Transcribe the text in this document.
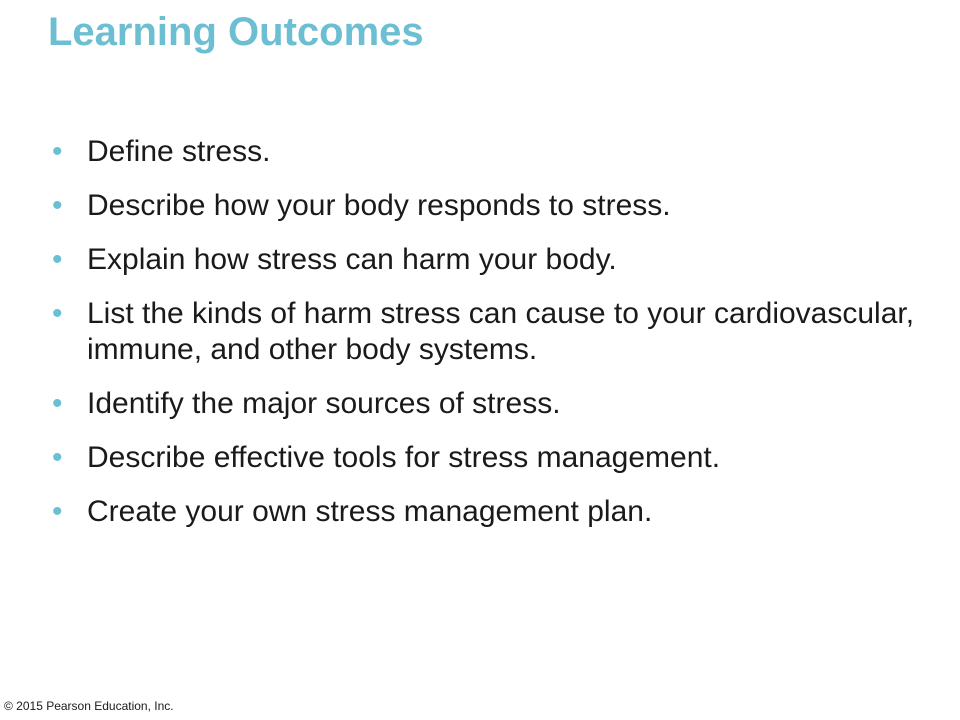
Learning Outcomes
• Define stress.
• Describe how your body responds to stress.
• Explain how stress can harm your body.
• List the kinds of harm stress can cause to your cardiovascular, immune, and other body systems.
• Identify the major sources of stress.
• Describe effective tools for stress management.
• Create your own stress management plan.
© 2015 Pearson Education, Inc.
